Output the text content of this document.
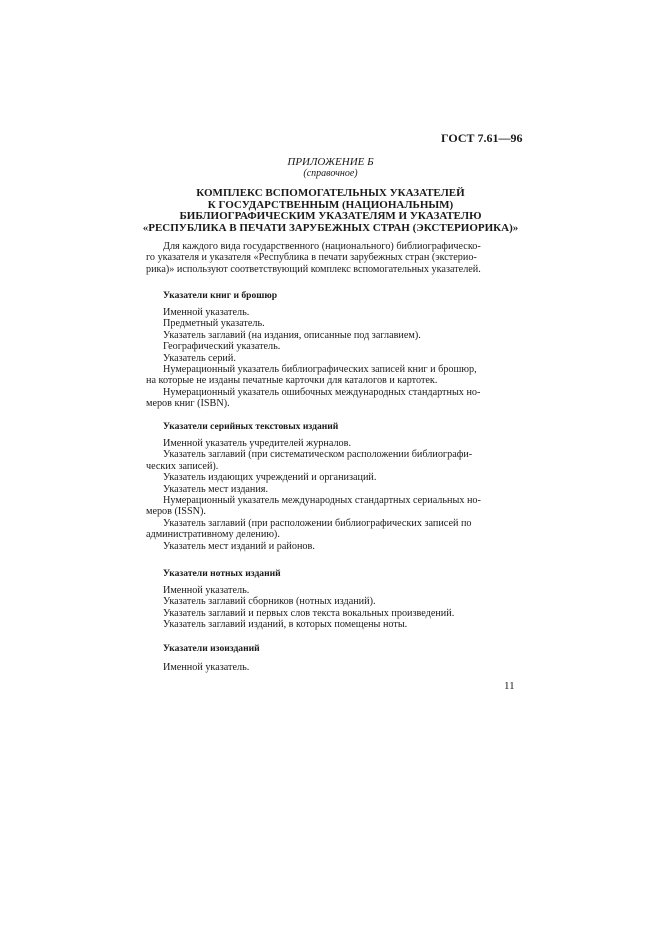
ГОСТ 7.61—96
ПРИЛОЖЕНИЕ Б
(справочное)
КОМПЛЕКС ВСПОМОГАТЕЛЬНЫХ УКАЗАТЕЛЕЙ
К ГОСУДАРСТВЕННЫМ (НАЦИОНАЛЬНЫМ)
БИБЛИОГРАФИЧЕСКИМ УКАЗАТЕЛЯМ И УКАЗАТЕЛЮ
«РЕСПУБЛИКА В ПЕЧАТИ ЗАРУБЕЖНЫХ СТРАН (ЭКСТЕРИОРИКА)»
Для каждого вида государственного (национального) библиографическо-
го указателя и указателя «Республика в печати зарубежных стран (экстерио-
рика)» используют соответствующий комплекс вспомогательных указателей.
Указатели книг и брошюр
Именной указатель.
Предметный указатель.
Указатель заглавий (на издания, описанные под заглавием).
Географический указатель.
Указатель серий.
Нумерационный указатель библиографических записей книг и брошюр,
на которые не изданы печатные карточки для каталогов и картотек.
Нумерационный указатель ошибочных международных стандартных но-
меров книг (ISBN).
Указатели серийных текстовых изданий
Именной указатель учредителей журналов.
Указатель заглавий (при систематическом расположении библиографи-
ческих записей).
Указатель издающих учреждений и организаций.
Указатель мест издания.
Нумерационный указатель международных стандартных сериальных но-
меров (ISSN).
Указатель заглавий (при расположении библиографических записей по
административному делению).
Указатель мест изданий и районов.
Указатели нотных изданий
Именной указатель.
Указатель заглавий сборников (нотных изданий).
Указатель заглавий и первых слов текста вокальных произведений.
Указатель заглавий изданий, в которых помещены ноты.
Указатели изоизданий
Именной указатель.
11
